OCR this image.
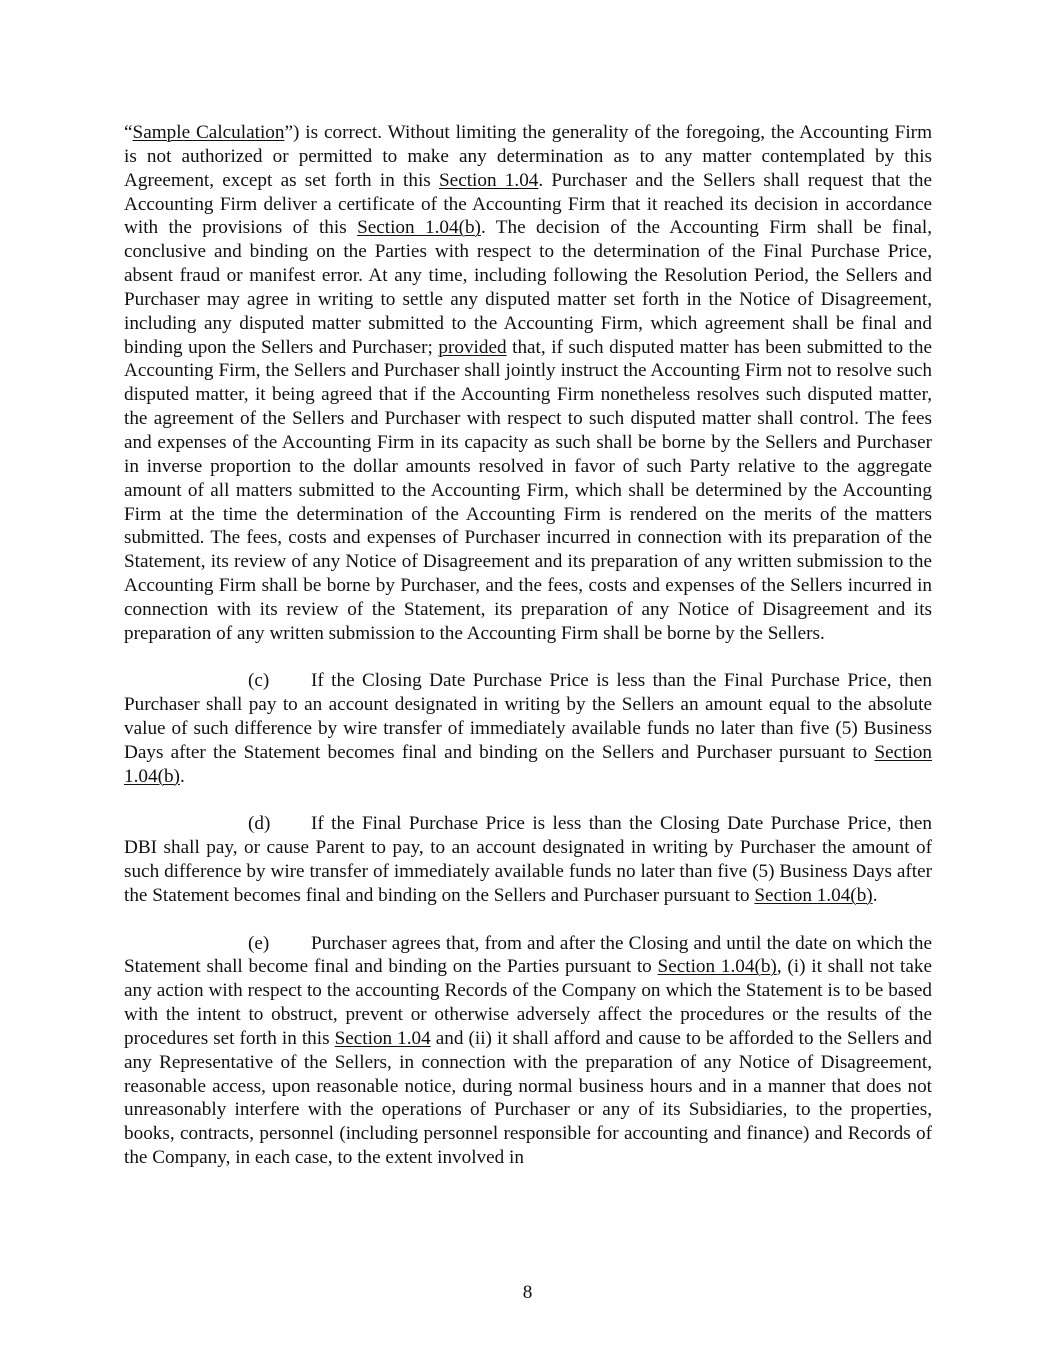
“Sample Calculation”) is correct. Without limiting the generality of the foregoing, the Accounting Firm is not authorized or permitted to make any determination as to any matter contemplated by this Agreement, except as set forth in this Section 1.04. Purchaser and the Sellers shall request that the Accounting Firm deliver a certificate of the Accounting Firm that it reached its decision in accordance with the provisions of this Section 1.04(b). The decision of the Accounting Firm shall be final, conclusive and binding on the Parties with respect to the determination of the Final Purchase Price, absent fraud or manifest error. At any time, including following the Resolution Period, the Sellers and Purchaser may agree in writing to settle any disputed matter set forth in the Notice of Disagreement, including any disputed matter submitted to the Accounting Firm, which agreement shall be final and binding upon the Sellers and Purchaser; provided that, if such disputed matter has been submitted to the Accounting Firm, the Sellers and Purchaser shall jointly instruct the Accounting Firm not to resolve such disputed matter, it being agreed that if the Accounting Firm nonetheless resolves such disputed matter, the agreement of the Sellers and Purchaser with respect to such disputed matter shall control. The fees and expenses of the Accounting Firm in its capacity as such shall be borne by the Sellers and Purchaser in inverse proportion to the dollar amounts resolved in favor of such Party relative to the aggregate amount of all matters submitted to the Accounting Firm, which shall be determined by the Accounting Firm at the time the determination of the Accounting Firm is rendered on the merits of the matters submitted. The fees, costs and expenses of Purchaser incurred in connection with its preparation of the Statement, its review of any Notice of Disagreement and its preparation of any written submission to the Accounting Firm shall be borne by Purchaser, and the fees, costs and expenses of the Sellers incurred in connection with its review of the Statement, its preparation of any Notice of Disagreement and its preparation of any written submission to the Accounting Firm shall be borne by the Sellers.

(c) If the Closing Date Purchase Price is less than the Final Purchase Price, then Purchaser shall pay to an account designated in writing by the Sellers an amount equal to the absolute value of such difference by wire transfer of immediately available funds no later than five (5) Business Days after the Statement becomes final and binding on the Sellers and Purchaser pursuant to Section 1.04(b).

(d) If the Final Purchase Price is less than the Closing Date Purchase Price, then DBI shall pay, or cause Parent to pay, to an account designated in writing by Purchaser the amount of such difference by wire transfer of immediately available funds no later than five (5) Business Days after the Statement becomes final and binding on the Sellers and Purchaser pursuant to Section 1.04(b).

(e) Purchaser agrees that, from and after the Closing and until the date on which the Statement shall become final and binding on the Parties pursuant to Section 1.04(b), (i) it shall not take any action with respect to the accounting Records of the Company on which the Statement is to be based with the intent to obstruct, prevent or otherwise adversely affect the procedures or the results of the procedures set forth in this Section 1.04 and (ii) it shall afford and cause to be afforded to the Sellers and any Representative of the Sellers, in connection with the preparation of any Notice of Disagreement, reasonable access, upon reasonable notice, during normal business hours and in a manner that does not unreasonably interfere with the operations of Purchaser or any of its Subsidiaries, to the properties, books, contracts, personnel (including personnel responsible for accounting and finance) and Records of the Company, in each case, to the extent involved in

8
